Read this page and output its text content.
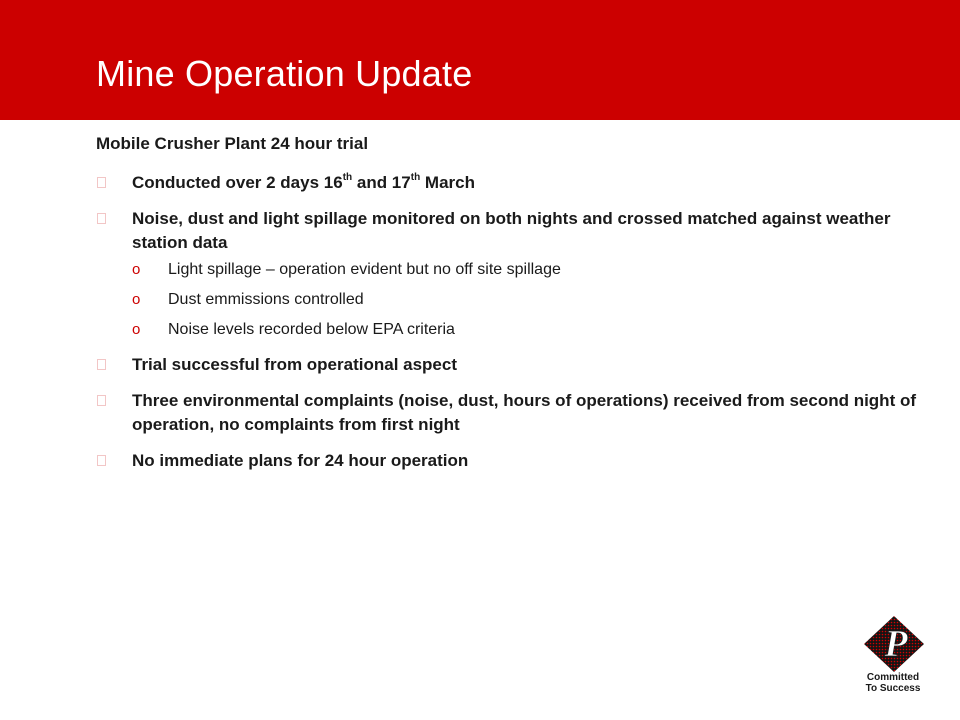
Mine Operation Update
Mobile Crusher Plant 24 hour trial
Conducted over 2 days 16th and 17th March
Noise, dust and light spillage monitored on both nights and crossed matched against weather station data
o Light spillage – operation evident but no off site spillage
o Dust emmissions controlled
o Noise levels recorded below EPA criteria
Trial successful from operational aspect
Three environmental complaints (noise, dust, hours of operations) received from second night of operation, no complaints from first night
No immediate plans for 24 hour operation
P
Committed
To Success
